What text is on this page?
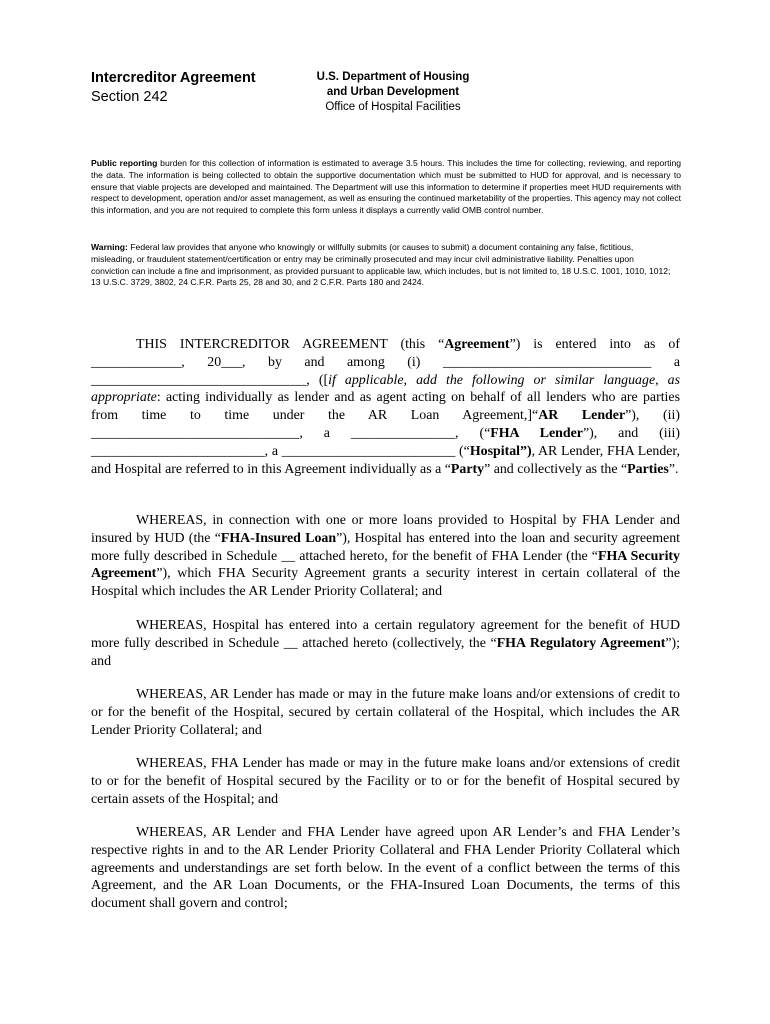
Intercreditor Agreement
Section 242
U.S. Department of Housing
and Urban Development
Office of Hospital Facilities
Public reporting burden for this collection of information is estimated to average 3.5 hours. This includes the time for collecting, reviewing, and reporting the data. The information is being collected to obtain the supportive documentation which must be submitted to HUD for approval, and is necessary to ensure that viable projects are developed and maintained. The Department will use this information to determine if properties meet HUD requirements with respect to development, operation and/or asset management, as well as ensuring the continued marketability of the properties. This agency may not collect this information, and you are not required to complete this form unless it displays a currently valid OMB control number.
Warning: Federal law provides that anyone who knowingly or willfully submits (or causes to submit) a document containing any false, fictitious, misleading, or fraudulent statement/certification or entry may be criminally prosecuted and may incur civil administrative liability. Penalties upon conviction can include a fine and imprisonment, as provided pursuant to applicable law, which includes, but is not limited to, 18 U.S.C. 1001, 1010, 1012; 13 U.S.C. 3729, 3802, 24 C.F.R. Parts 25, 28 and 30, and 2 C.F.R. Parts 180 and 2424.
THIS INTERCREDITOR AGREEMENT (this “Agreement”) is entered into as of _____________, 20___, by and among (i) ______________________________ a _______________________________, ([if applicable, add the following or similar language, as appropriate: acting individually as lender and as agent acting on behalf of all lenders who are parties from time to time under the AR Loan Agreement,]“AR Lender”), (ii) ______________________________, a _______________, (“FHA Lender”), and (iii) _________________________, a _________________________ (“Hospital”), AR Lender, FHA Lender, and Hospital are referred to in this Agreement individually as a “Party” and collectively as the “Parties”.
WHEREAS, in connection with one or more loans provided to Hospital by FHA Lender and insured by HUD (the “FHA-Insured Loan”), Hospital has entered into the loan and security agreement more fully described in Schedule __ attached hereto, for the benefit of FHA Lender (the “FHA Security Agreement”), which FHA Security Agreement grants a security interest in certain collateral of the Hospital which includes the AR Lender Priority Collateral; and
WHEREAS, Hospital has entered into a certain regulatory agreement for the benefit of HUD more fully described in Schedule __ attached hereto (collectively, the “FHA Regulatory Agreement”); and
WHEREAS, AR Lender has made or may in the future make loans and/or extensions of credit to or for the benefit of the Hospital, secured by certain collateral of the Hospital, which includes the AR Lender Priority Collateral; and
WHEREAS, FHA Lender has made or may in the future make loans and/or extensions of credit to or for the benefit of Hospital secured by the Facility or to or for the benefit of Hospital secured by certain assets of the Hospital; and
WHEREAS, AR Lender and FHA Lender have agreed upon AR Lender’s and FHA Lender’s respective rights in and to the AR Lender Priority Collateral and FHA Lender Priority Collateral which agreements and understandings are set forth below. In the event of a conflict between the terms of this Agreement, and the AR Loan Documents, or the FHA-Insured Loan Documents, the terms of this document shall govern and control;
